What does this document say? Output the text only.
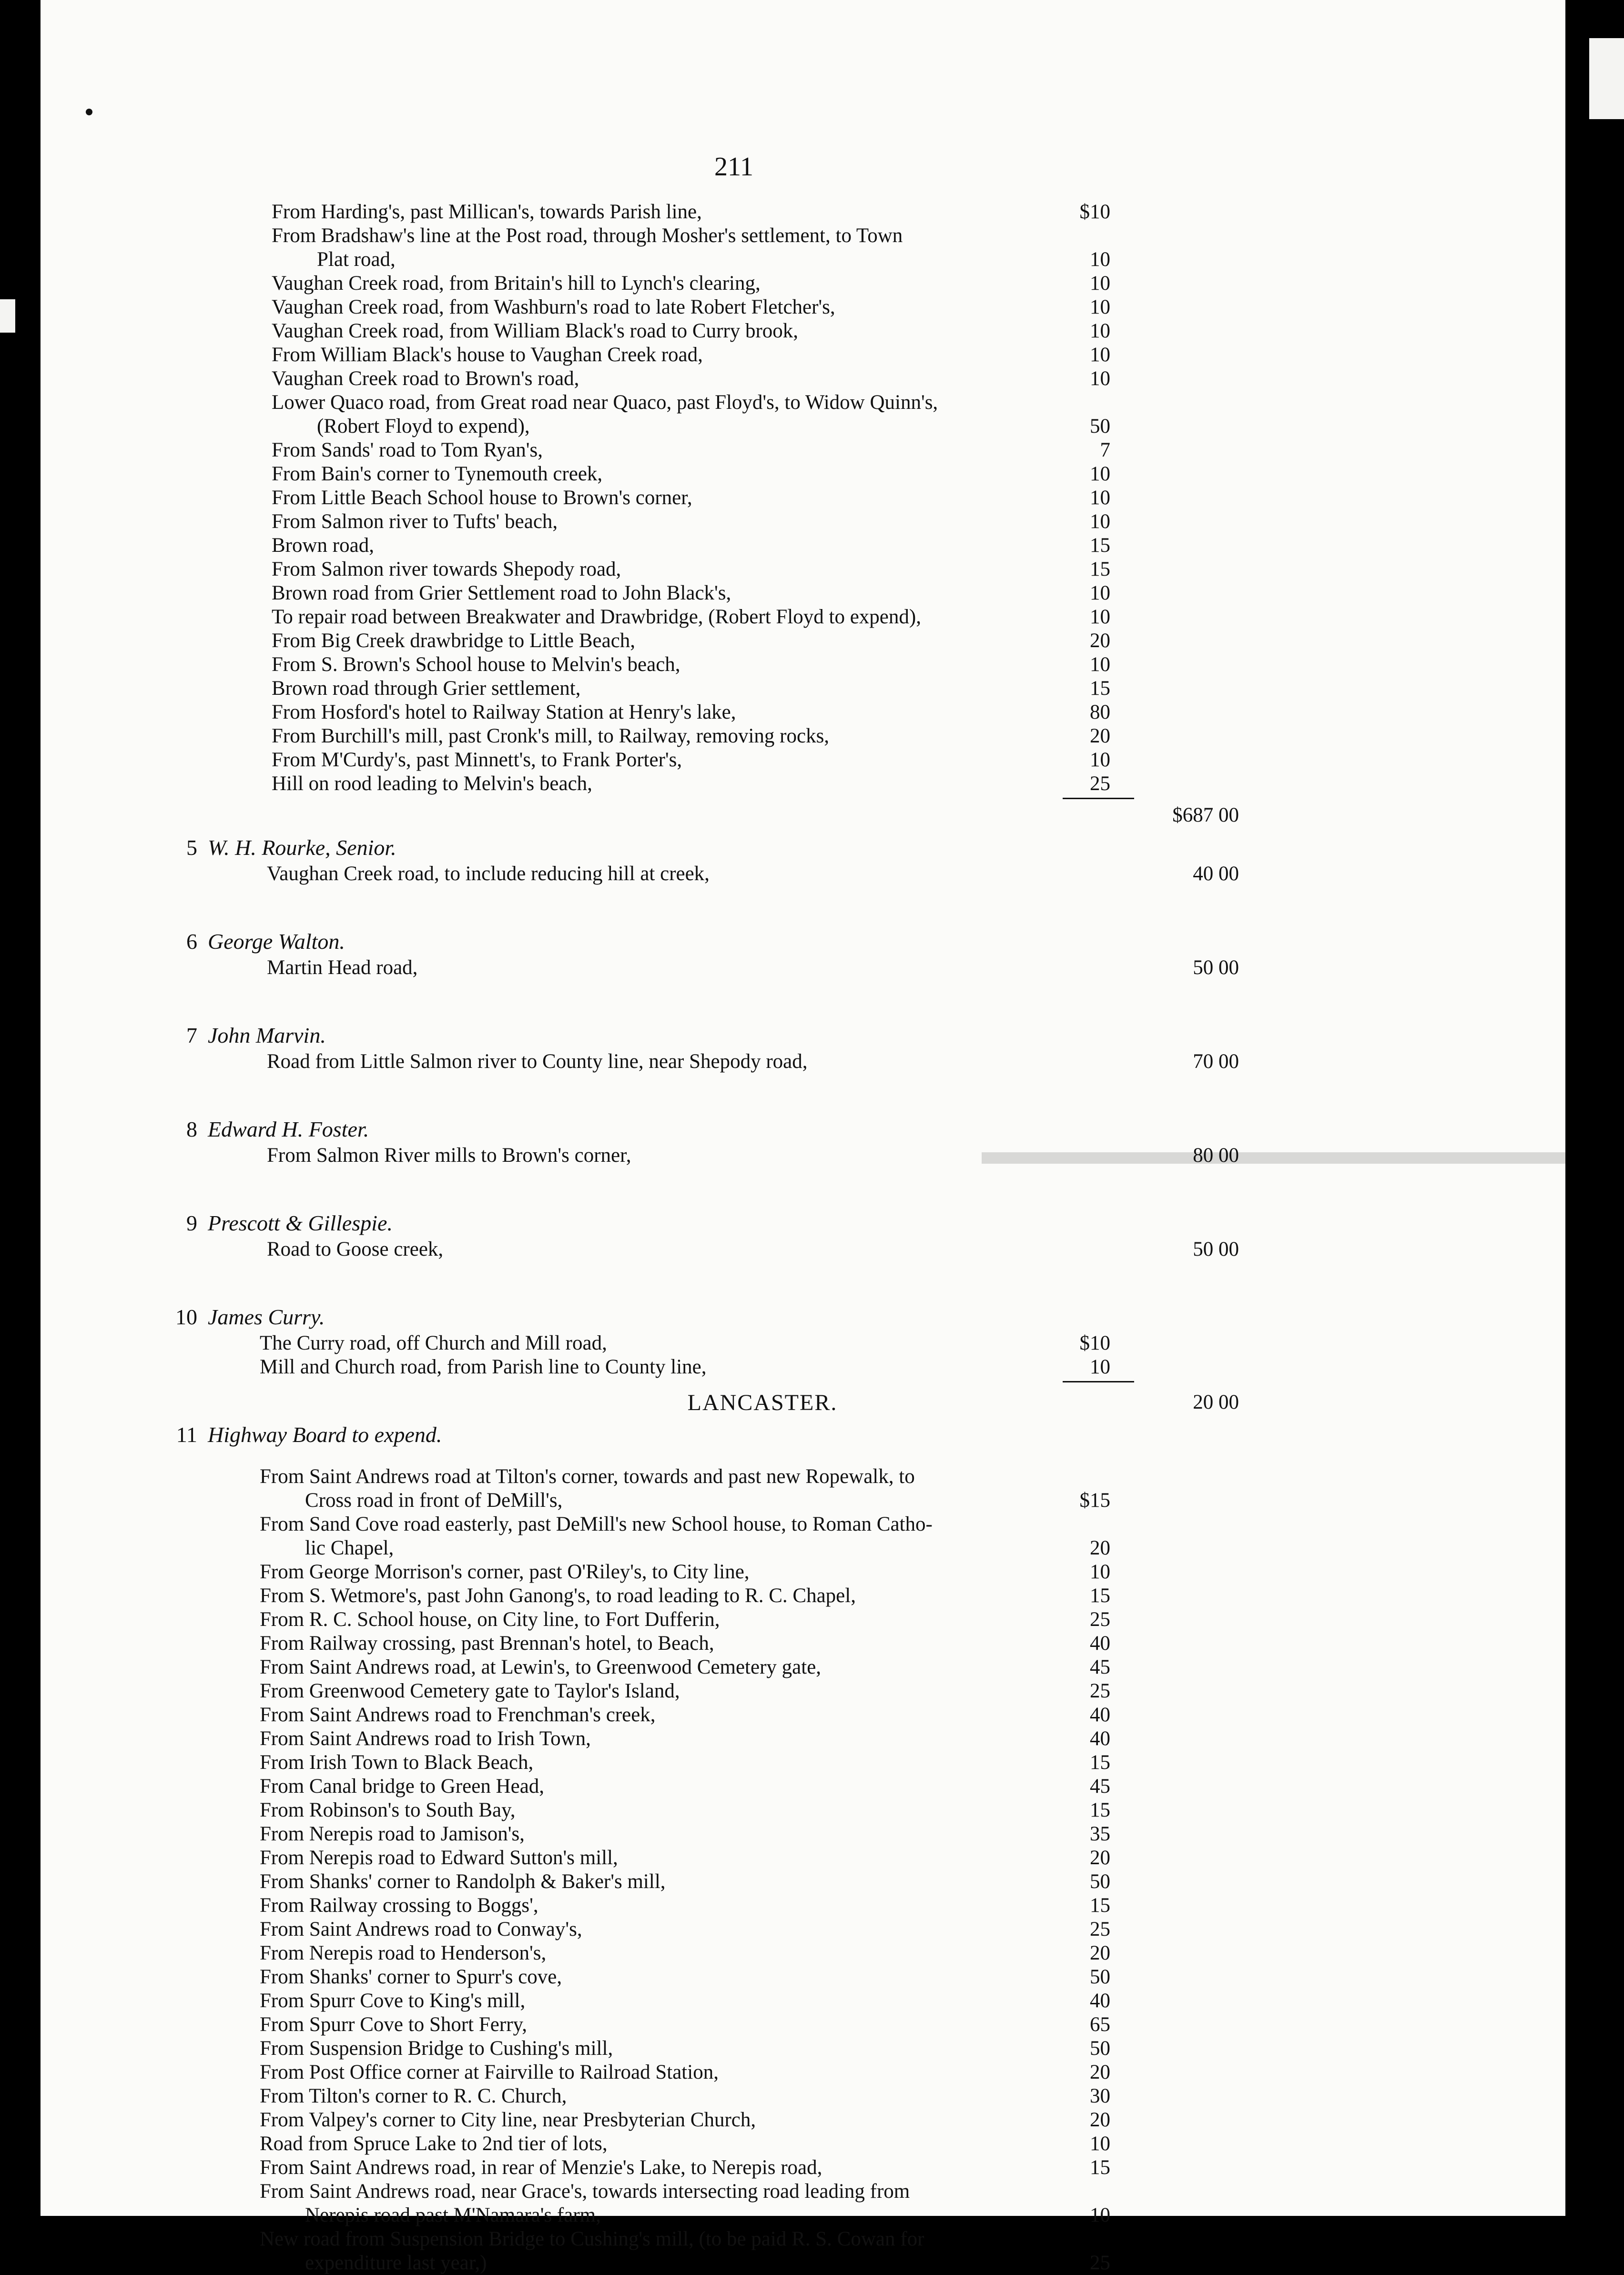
211
From Harding's, past Millican's, towards Parish line,	$10
From Bradshaw's line at the Post road, through Mosher's settlement, to Town
Plat road,	10
Vaughan Creek road, from Britain's hill to Lynch's clearing,	10
Vaughan Creek road, from Washburn's road to late Robert Fletcher's,	10
Vaughan Creek road, from William Black's road to Curry brook,	10
From William Black's house to Vaughan Creek road,	10
Vaughan Creek road to Brown's road,	10
Lower Quaco road, from Great road near Quaco, past Floyd's, to Widow Quinn's,
(Robert Floyd to expend),	50
From Sands' road to Tom Ryan's,	7
From Bain's corner to Tynemouth creek,	10
From Little Beach School house to Brown's corner,	10
From Salmon river to Tufts' beach,	10
Brown road,	15
From Salmon river towards Shepody road,	15
Brown road from Grier Settlement road to John Black's,	10
To repair road between Breakwater and Drawbridge, (Robert Floyd to expend),	10
From Big Creek drawbridge to Little Beach,	20
From S. Brown's School house to Melvin's beach,	10
Brown road through Grier settlement,	15
From Hosford's hotel to Railway Station at Henry's lake,	80
From Burchill's mill, past Cronk's mill, to Railway, removing rocks,	20
From M'Curdy's, past Minnett's, to Frank Porter's,	10
Hill on rood leading to Melvin's beach,	25
$687 00
5 W. H. Rourke, Senior.
Vaughan Creek road, to include reducing hill at creek,	40 00
6 George Walton.
Martin Head road,	50 00
7 John Marvin.
Road from Little Salmon river to County line, near Shepody road,	70 00
8 Edward H. Foster.
From Salmon River mills to Brown's corner,	80 00
9 Prescott & Gillespie.
Road to Goose creek,	50 00
10 James Curry.
The Curry road, off Church and Mill road,	$10
Mill and Church road, from Parish line to County line,	10
20 00
LANCASTER.
11 Highway Board to expend.
From Saint Andrews road at Tilton's corner, towards and past new Ropewalk, to
Cross road in front of DeMill's,	$15
From Sand Cove road easterly, past DeMill's new School house, to Roman Catho-
lic Chapel,	20
From George Morrison's corner, past O'Riley's, to City line,	10
From S. Wetmore's, past John Ganong's, to road leading to R. C. Chapel,	15
From R. C. School house, on City line, to Fort Dufferin,	25
From Railway crossing, past Brennan's hotel, to Beach,	40
From Saint Andrews road, at Lewin's, to Greenwood Cemetery gate,	45
From Greenwood Cemetery gate to Taylor's Island,	25
From Saint Andrews road to Frenchman's creek,	40
From Saint Andrews road to Irish Town,	40
From Irish Town to Black Beach,	15
From Canal bridge to Green Head,	45
From Robinson's to South Bay,	15
From Nerepis road to Jamison's,	35
From Nerepis road to Edward Sutton's mill,	20
From Shanks' corner to Randolph & Baker's mill,	50
From Railway crossing to Boggs',	15
From Saint Andrews road to Conway's,	25
From Nerepis road to Henderson's,	20
From Shanks' corner to Spurr's cove,	50
From Spurr Cove to King's mill,	40
From Spurr Cove to Short Ferry,	65
From Suspension Bridge to Cushing's mill,	50
From Post Office corner at Fairville to Railroad Station,	20
From Tilton's corner to R. C. Church,	30
From Valpey's corner to City line, near Presbyterian Church,	20
Road from Spruce Lake to 2nd tier of lots,	10
From Saint Andrews road, in rear of Menzie's Lake, to Nerepis road,	15
From Saint Andrews road, near Grace's, towards intersecting road leading from
Nerepis road past M'Namara's farm,	10
New road from Suspension Bridge to Cushing's mill, (to be paid R. S. Cowan for
expenditure last year,)	25
